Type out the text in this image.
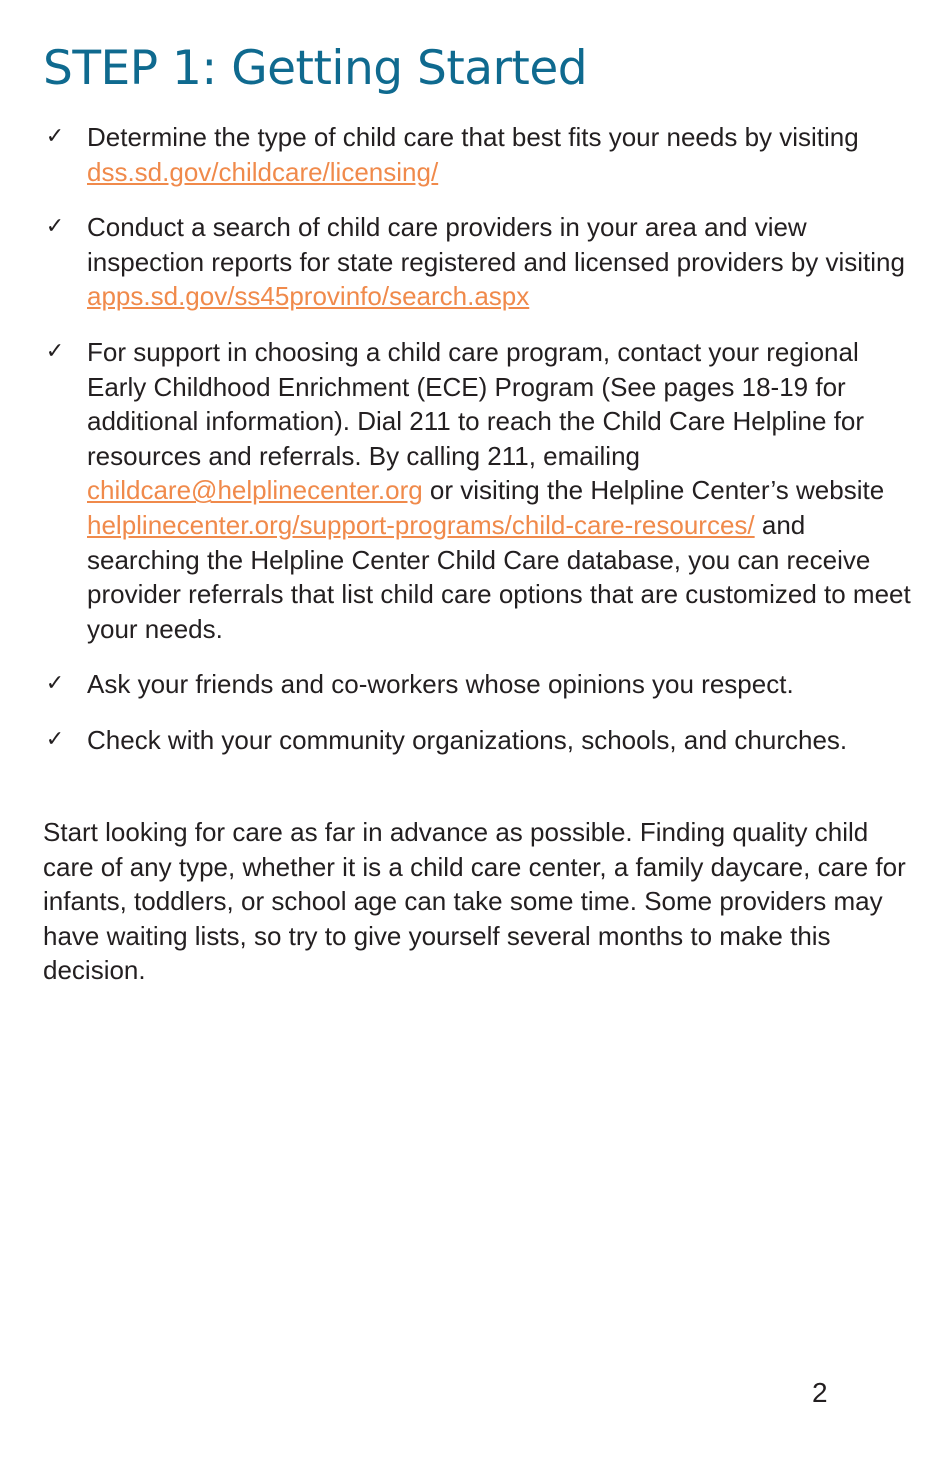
STEP 1: Getting Started
✓ Determine the type of child care that best fits your needs by visiting dss.sd.gov/childcare/licensing/
✓ Conduct a search of child care providers in your area and view inspection reports for state registered and licensed providers by visiting apps.sd.gov/ss45provinfo/search.aspx
✓ For support in choosing a child care program, contact your regional Early Childhood Enrichment (ECE) Program (See pages 18-19 for additional information). Dial 211 to reach the Child Care Helpline for resources and referrals. By calling 211, emailing childcare@helplinecenter.org or visiting the Helpline Center’s website helplinecenter.org/support-programs/child-care-resources/ and searching the Helpline Center Child Care database, you can receive provider referrals that list child care options that are customized to meet your needs.
✓ Ask your friends and co-workers whose opinions you respect.
✓ Check with your community organizations, schools, and churches.

Start looking for care as far in advance as possible. Finding quality child care of any type, whether it is a child care center, a family daycare, care for infants, toddlers, or school age can take some time. Some providers may have waiting lists, so try to give yourself several months to make this decision.

2
